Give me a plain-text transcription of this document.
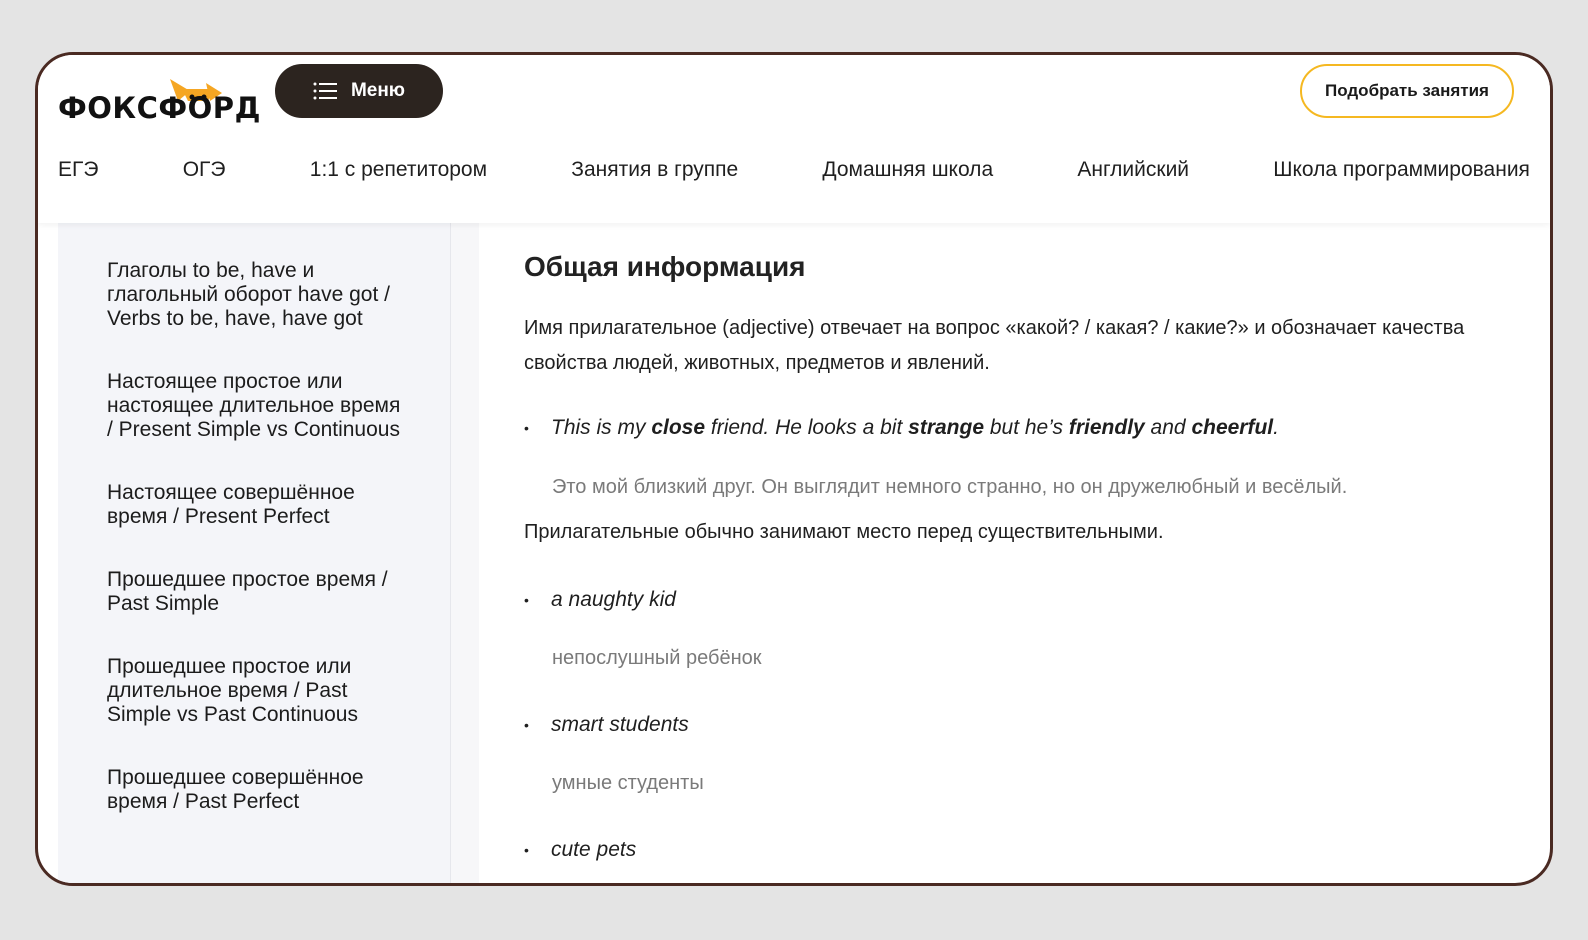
ФОКСФОРД
Меню	Подобрать занятия
ЕГЭ	ОГЭ	1:1 с репетитором	Занятия в группе	Домашняя школа	Английский	Школа программирования
Глаголы to be, have и глагольный оборот have got / Verbs to be, have, have got
Настоящее простое или настоящее длительное время / Present Simple vs Continuous
Настоящее совершённое время / Present Perfect
Прошедшее простое время / Past Simple
Прошедшее простое или длительное время / Past Simple vs Past Continuous
Прошедшее совершённое время / Past Perfect
Общая информация
Имя прилагательное (adjective) отвечает на вопрос «какой? / какая? / какие?» и обозначает качества
свойства людей, животных, предметов и явлений.
• This is my close friend. He looks a bit strange but he’s friendly and cheerful.
Это мой близкий друг. Он выглядит немного странно, но он дружелюбный и весёлый.
Прилагательные обычно занимают место перед существительными.
• a naughty kid
непослушный ребёнок
• smart students
умные студенты
• cute pets
